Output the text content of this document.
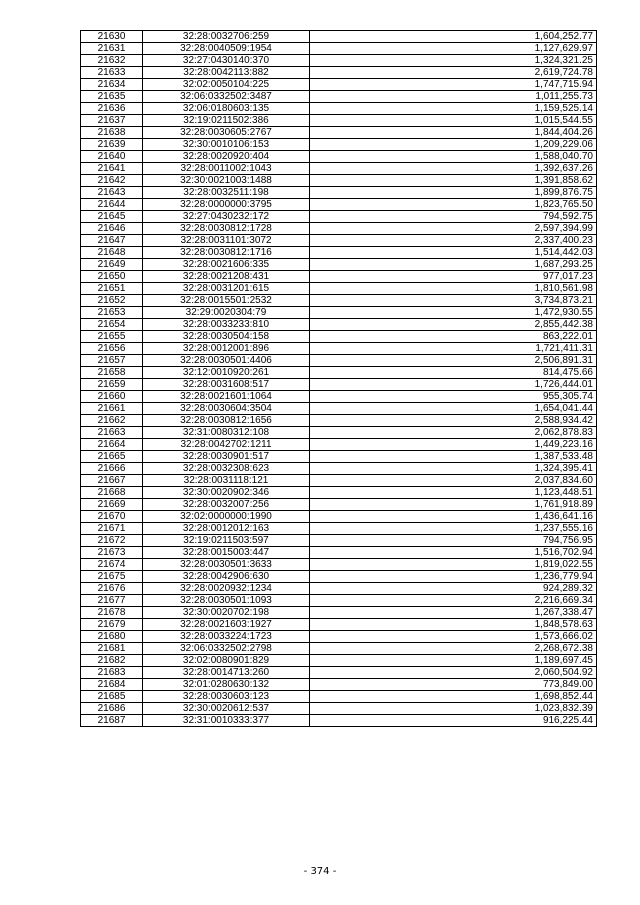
21630	32:28:0032706:259	1,604,252.77
21631	32:28:0040509:1954	1,127,629.97
21632	32:27:0430140:370	1,324,321.25
21633	32:28:0042113:882	2,619,724.78
21634	32:02:0050104:225	1,747,715.94
21635	32:06:0332502:3487	1,011,255.73
21636	32:06:0180603:135	1,159,525.14
21637	32:19:0211502:386	1,015,544.55
21638	32:28:0030605:2767	1,844,404.26
21639	32:30:0010106:153	1,209,229.06
21640	32:28:0020920:404	1,588,040.70
21641	32:28:0011002:1043	1,392,637.26
21642	32:30:0021003:1488	1,391,858.62
21643	32:28:0032511:198	1,899,876.75
21644	32:28:0000000:3795	1,823,765.50
21645	32:27:0430232:172	794,592.75
21646	32:28:0030812:1728	2,597,394.99
21647	32:28:0031101:3072	2,337,400.23
21648	32:28:0030812:1716	1,514,442.03
21649	32:28:0021606:335	1,687,293.25
21650	32:28:0021208:431	977,017.23
21651	32:28:0031201:615	1,810,561.98
21652	32:28:0015501:2532	3,734,873.21
21653	32:29:0020304:79	1,472,930.55
21654	32:28:0033233:810	2,855,442.38
21655	32:28:0030504:158	863,222.01
21656	32:28:0012001:896	1,721,411.31
21657	32:28:0030501:4406	2,506,891.31
21658	32:12:0010920:261	814,475.66
21659	32:28:0031608:517	1,726,444.01
21660	32:28:0021601:1064	955,305.74
21661	32:28:0030604:3504	1,654,041.44
21662	32:28:0030812:1656	2,588,934.42
21663	32:31:0080312:108	2,062,878.83
21664	32:28:0042702:1211	1,449,223.16
21665	32:28:0030901:517	1,387,533.48
21666	32:28:0032308:623	1,324,395.41
21667	32:28:0031118:121	2,037,834.60
21668	32:30:0020902:346	1,123,448.51
21669	32:28:0032007:256	1,761,918.89
21670	32:02:0000000:1990	1,436,641.16
21671	32:28:0012012:163	1,237,555.16
21672	32:19:0211503:597	794,756.95
21673	32:28:0015003:447	1,516,702.94
21674	32:28:0030501:3633	1,819,022.55
21675	32:28:0042906:630	1,236,779.94
21676	32:28:0020932:1234	924,289.32
21677	32:28:0030501:1093	2,216,669.34
21678	32:30:0020702:198	1,267,338.47
21679	32:28:0021603:1927	1,848,578.63
21680	32:28:0033224:1723	1,573,666.02
21681	32:06:0332502:2798	2,268,672.38
21682	32:02:0080901:829	1,189,697.45
21683	32:28:0014713:260	2,060,504.92
21684	32:01:0280630:132	773,849.00
21685	32:28:0030603:123	1,698,852.44
21686	32:30:0020612:537	1,023,832.39
21687	32:31:0010333:377	916,225.44
- 374 -
